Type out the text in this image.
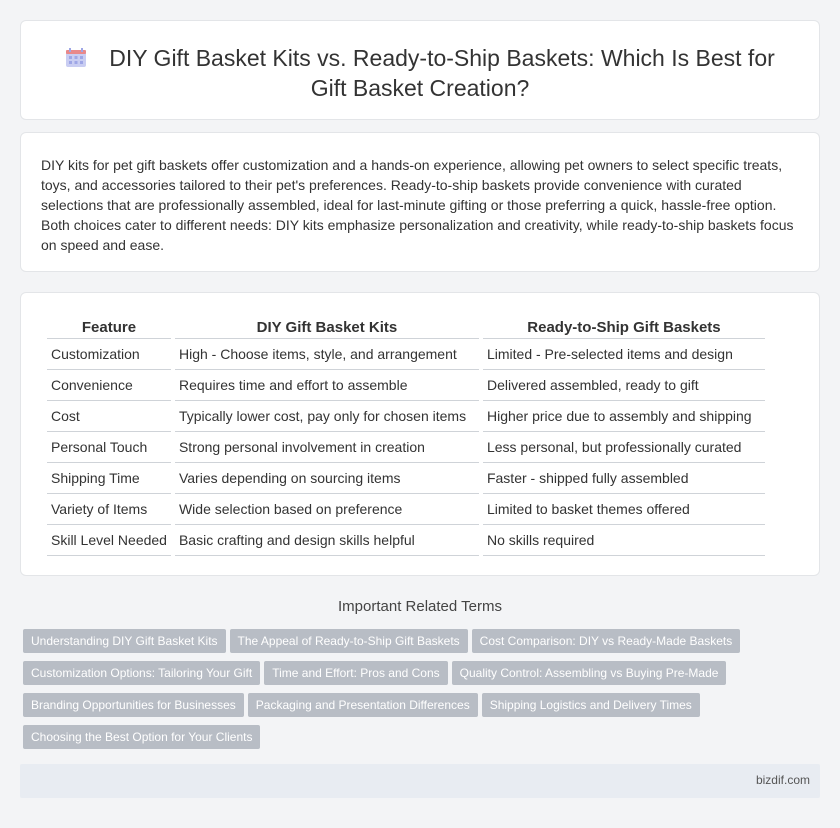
DIY Gift Basket Kits vs. Ready-to-Ship Baskets: Which Is Best for
Gift Basket Creation?

DIY kits for pet gift baskets offer customization and a hands-on experience, allowing pet owners to select specific treats, toys, and accessories tailored to their pet's preferences. Ready-to-ship baskets provide convenience with curated selections that are professionally assembled, ideal for last-minute gifting or those preferring a quick, hassle-free option. Both choices cater to different needs: DIY kits emphasize personalization and creativity, while ready-to-ship baskets focus on speed and ease.

Feature	DIY Gift Basket Kits	Ready-to-Ship Gift Baskets
Customization	High - Choose items, style, and arrangement	Limited - Pre-selected items and design
Convenience	Requires time and effort to assemble	Delivered assembled, ready to gift
Cost	Typically lower cost, pay only for chosen items	Higher price due to assembly and shipping
Personal Touch	Strong personal involvement in creation	Less personal, but professionally curated
Shipping Time	Varies depending on sourcing items	Faster - shipped fully assembled
Variety of Items	Wide selection based on preference	Limited to basket themes offered
Skill Level Needed	Basic crafting and design skills helpful	No skills required
Important Related Terms
Understanding DIY Gift Basket Kits The Appeal of Ready-to-Ship Gift Baskets Cost Comparison: DIY vs Ready-Made Baskets
Customization Options: Tailoring Your Gift Time and Effort: Pros and Cons Quality Control: Assembling vs Buying Pre-Made
Branding Opportunities for Businesses Packaging and Presentation Differences Shipping Logistics and Delivery Times
Choosing the Best Option for Your Clients
bizdif.com
